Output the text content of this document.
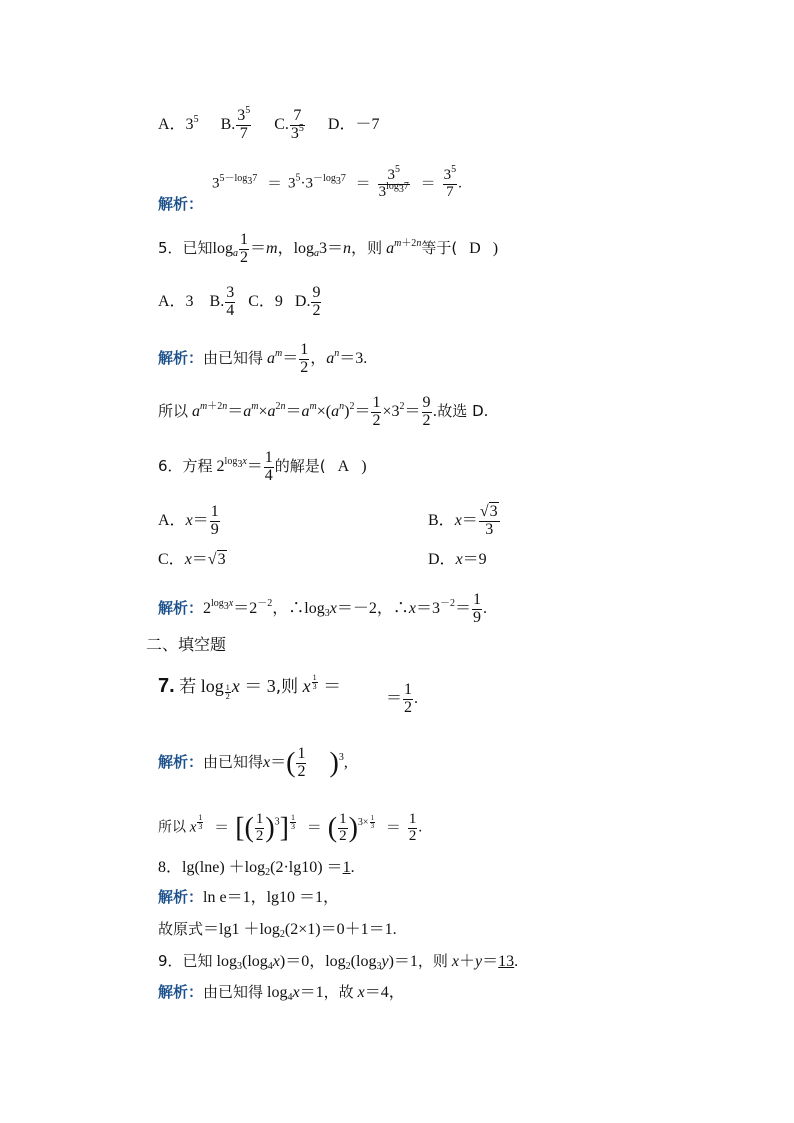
A．$3^5$ B. $\frac{3^5}{7} C$. $\frac{7}{3^5}$ D．－7
$3^{5-log_37} = 3^5\cdot 3^{-log_37} = \frac{3^5}{3^{log_37}} = \frac{3^5}{7}$ .
解析：
5．已知$\log_a \frac{1}{2} =m$，$\log_a3=n$，则 $a^{m+2n}$等于( D   )
A．3    B. $\frac{3}{4}$ C．9   D. $\frac{9}{2}$
解析：由已知得 $a^m= \frac{1}{2}$ ，$a^n=3$.
所以 $a^{m+2n}=a^m\times a^{2n}=a^m\times(a^n)^2= \frac{1}{2} \times 3^2= \frac{9}{2}$ .故选 D.
6．方程 $2^{log_3x}= \frac{1}{4}$ 的解是( A   )
A．$x= \frac{1}{9}$	B．$x= \frac{√3}{3}$
C．x＝√3	D．x＝9
解析：$2^{log_3x}=2^{-2}$，$\therefore\log_3x=-2$，$\therefore x=3^{-2}= \frac{1}{9}$ .
二、填空题
7. 若 log $_{\frac{1}{2}}$ x ＝ 3,则 x $^{\frac{1}{3}}$ ＝
＝ $\frac{1}{2}$ .
解析：由已知得$x=( \frac{1}{2} )^3$,
所以 x $^{\frac{1}{3}}$ ＝ [( $\frac{1}{2} )^3$] $^{\frac{1}{3}}$ ＝ ( $\frac{1}{2} )^{3\times \frac{1}{3}} = \frac{1}{2}$ .
8．$\lg(\ln e) +\log_2(2\cdot\lg 10) =1$.
解析：ln e＝1，lg10 ＝1，
故原式$=\lg 1 +\log_2(2\times 1)=0+1=1$.
9．已知 $\log_3(\log_4x)=0$，$\log_2(\log_3y)=1$，则 x＋y＝13.
解析：由已知得 $\log_4x=1$，故 x＝4，
